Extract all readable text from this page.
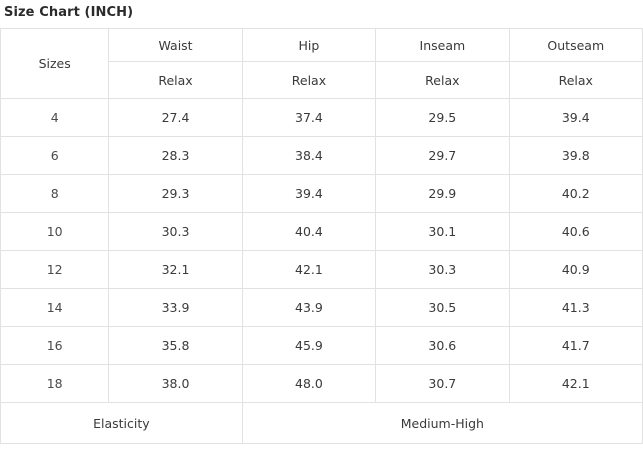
Size Chart (INCH)
Sizes	Waist	Hip	Inseam	Outseam
	Relax	Relax	Relax	Relax
4	27.4	37.4	29.5	39.4
6	28.3	38.4	29.7	39.8
8	29.3	39.4	29.9	40.2
10	30.3	40.4	30.1	40.6
12	32.1	42.1	30.3	40.9
14	33.9	43.9	30.5	41.3
16	35.8	45.9	30.6	41.7
18	38.0	48.0	30.7	42.1
Elasticity		Medium-High		
